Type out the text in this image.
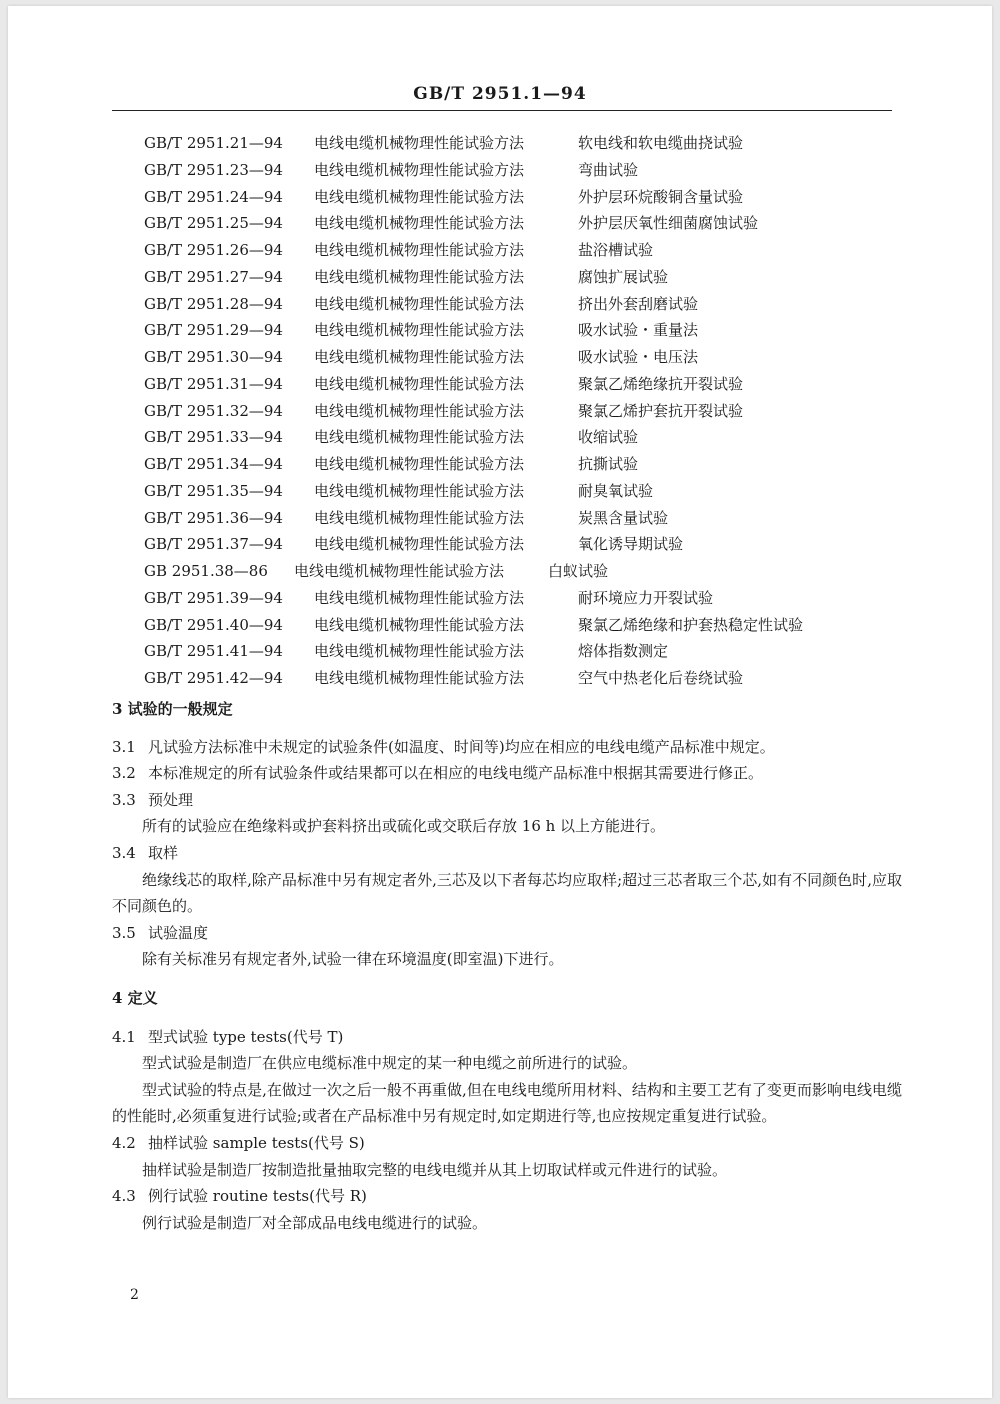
GB/T 2951.1—94
GB/T 2951.21—94 电线电缆机械物理性能试验方法	软电线和软电缆曲挠试验
GB/T 2951.23—94 电线电缆机械物理性能试验方法	弯曲试验
GB/T 2951.24—94 电线电缆机械物理性能试验方法	外护层环烷酸铜含量试验
GB/T 2951.25—94 电线电缆机械物理性能试验方法	外护层厌氧性细菌腐蚀试验
GB/T 2951.26—94 电线电缆机械物理性能试验方法	盐浴槽试验
GB/T 2951.27—94 电线电缆机械物理性能试验方法	腐蚀扩展试验
GB/T 2951.28—94 电线电缆机械物理性能试验方法	挤出外套刮磨试验
GB/T 2951.29—94 电线电缆机械物理性能试验方法	吸水试验・重量法
GB/T 2951.30—94 电线电缆机械物理性能试验方法	吸水试验・电压法
GB/T 2951.31—94 电线电缆机械物理性能试验方法	聚氯乙烯绝缘抗开裂试验
GB/T 2951.32—94 电线电缆机械物理性能试验方法	聚氯乙烯护套抗开裂试验
GB/T 2951.33—94 电线电缆机械物理性能试验方法	收缩试验
GB/T 2951.34—94 电线电缆机械物理性能试验方法	抗撕试验
GB/T 2951.35—94 电线电缆机械物理性能试验方法	耐臭氧试验
GB/T 2951.36—94 电线电缆机械物理性能试验方法	炭黑含量试验
GB/T 2951.37—94 电线电缆机械物理性能试验方法	氧化诱导期试验
GB 2951.38—86 电线电缆机械物理性能试验方法	白蚁试验
GB/T 2951.39—94 电线电缆机械物理性能试验方法	耐环境应力开裂试验
GB/T 2951.40—94 电线电缆机械物理性能试验方法	聚氯乙烯绝缘和护套热稳定性试验
GB/T 2951.41—94 电线电缆机械物理性能试验方法	熔体指数测定
GB/T 2951.42—94 电线电缆机械物理性能试验方法	空气中热老化后卷绕试验
3 试验的一般规定
3.1 凡试验方法标准中未规定的试验条件(如温度、时间等)均应在相应的电线电缆产品标准中规定。
3.2 本标准规定的所有试验条件或结果都可以在相应的电线电缆产品标准中根据其需要进行修正。
3.3 预处理
所有的试验应在绝缘料或护套料挤出或硫化或交联后存放 16 h 以上方能进行。
3.4 取样
绝缘线芯的取样,除产品标准中另有规定者外,三芯及以下者每芯均应取样;超过三芯者取三个芯,如有不同颜色时,应取不同颜色的。
3.5 试验温度
除有关标准另有规定者外,试验一律在环境温度(即室温)下进行。
4 定义
4.1 型式试验 type tests(代号 T)
型式试验是制造厂在供应电缆标准中规定的某一种电缆之前所进行的试验。
型式试验的特点是,在做过一次之后一般不再重做,但在电线电缆所用材料、结构和主要工艺有了变更而影响电线电缆的性能时,必须重复进行试验;或者在产品标准中另有规定时,如定期进行等,也应按规定重复进行试验。
4.2 抽样试验 sample tests(代号 S)
抽样试验是制造厂按制造批量抽取完整的电线电缆并从其上切取试样或元件进行的试验。
4.3 例行试验 routine tests(代号 R)
例行试验是制造厂对全部成品电线电缆进行的试验。
2
